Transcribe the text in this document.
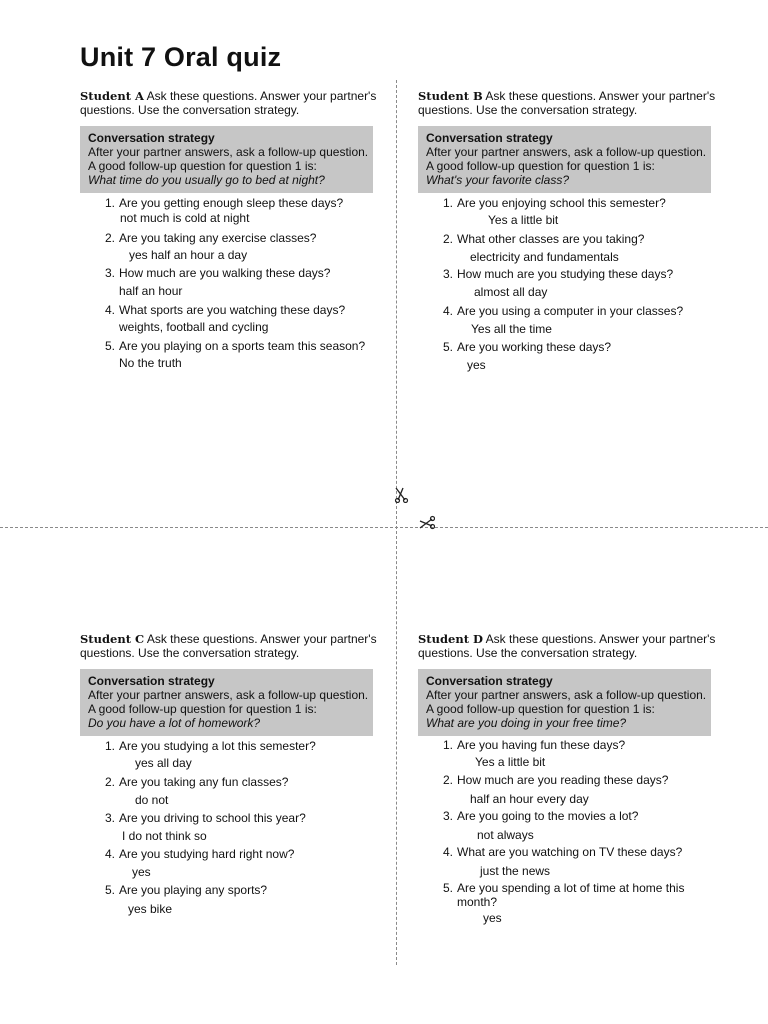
Unit 7 Oral quiz
Student A Ask these questions. Answer your partner's questions. Use the conversation strategy.
Conversation strategy
After your partner answers, ask a follow-up question.
A good follow-up question for question 1 is:
What time do you usually go to bed at night?
1. Are you getting enough sleep these days?
not much is cold at night
2. Are you taking any exercise classes?
yes half an hour a day
3. How much are you walking these days?
half an hour
4. What sports are you watching these days?
weights, football and cycling
5. Are you playing on a sports team this season?
No the truth
Student B Ask these questions. Answer your partner's questions. Use the conversation strategy.
Conversation strategy
After your partner answers, ask a follow-up question.
A good follow-up question for question 1 is:
What's your favorite class?
1. Are you enjoying school this semester?
Yes a little bit
2. What other classes are you taking?
electricity and fundamentals
3. How much are you studying these days?
almost all day
4. Are you using a computer in your classes?
Yes all the time
5. Are you working these days?
yes
Student C Ask these questions. Answer your partner's questions. Use the conversation strategy.
Conversation strategy
After your partner answers, ask a follow-up question.
A good follow-up question for question 1 is:
Do you have a lot of homework?
1. Are you studying a lot this semester?
yes all day
2. Are you taking any fun classes?
do not
3. Are you driving to school this year?
I do not think so
4. Are you studying hard right now?
yes
5. Are you playing any sports?
yes bike
Student D Ask these questions. Answer your partner's questions. Use the conversation strategy.
Conversation strategy
After your partner answers, ask a follow-up question.
A good follow-up question for question 1 is:
What are you doing in your free time?
1. Are you having fun these days?
Yes a little bit
2. How much are you reading these days?
half an hour every day
3. Are you going to the movies a lot?
not always
4. What are you watching on TV these days?
just the news
5. Are you spending a lot of time at home this month?
yes
